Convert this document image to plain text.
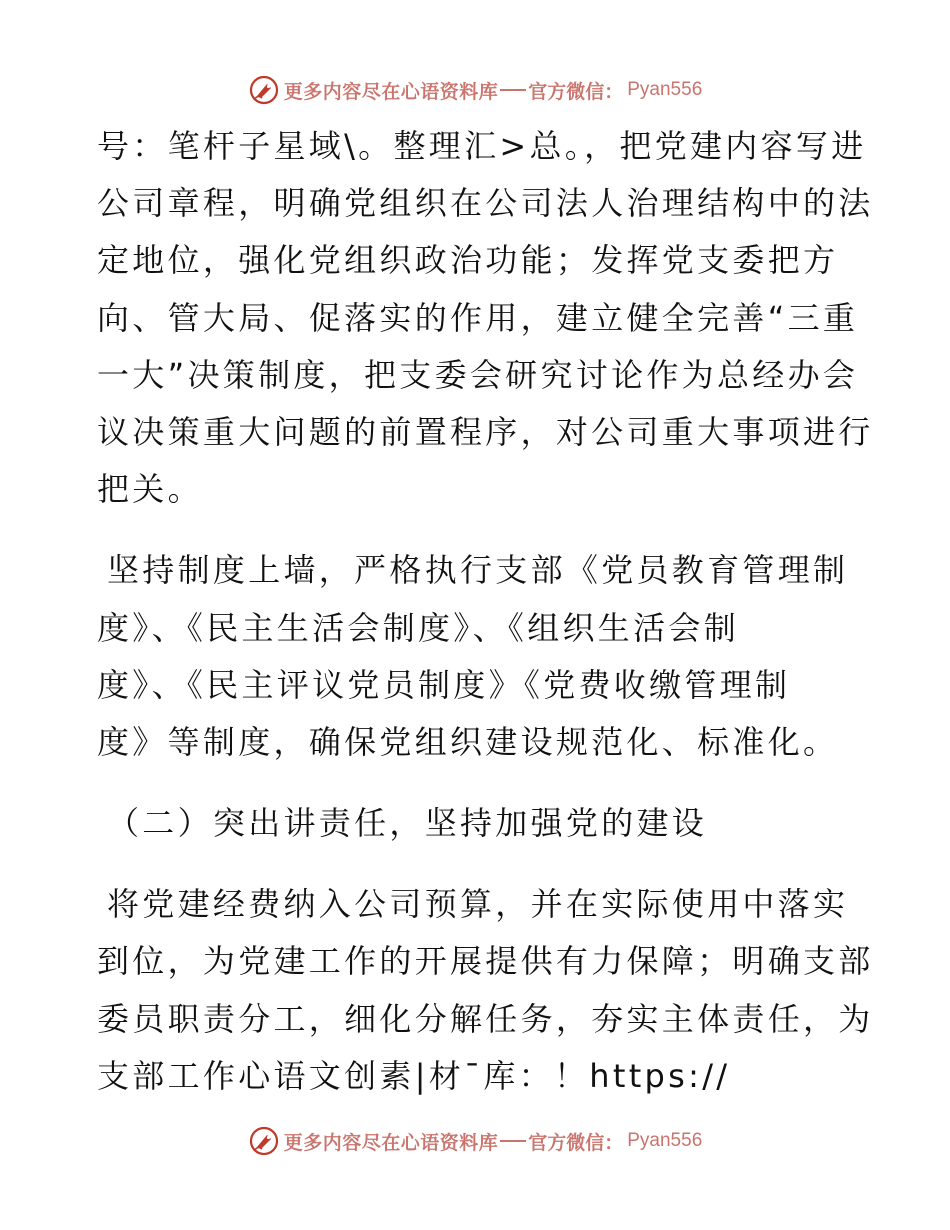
更多内容尽在心语资料库 官方微信： Pyan556
号：笔杆子星域\。整理汇>总。，把党建内容写进
公司章程，明确党组织在公司法人治理结构中的法
定地位，强化党组织政治功能；发挥党支委把方
向、管大局、促落实的作用，建立健全完善“三重
一大”决策制度，把支委会研究讨论作为总经办会
议决策重大问题的前置程序，对公司重大事项进行
把关。
坚持制度上墙，严格执行支部《党员教育管理制
度》、《民主生活会制度》、《组织生活会制
度》、《民主评议党员制度》《党费收缴管理制
度》等制度，确保党组织建设规范化、标准化。
（二）突出讲责任，坚持加强党的建设
将党建经费纳入公司预算，并在实际使用中落实
到位，为党建工作的开展提供有力保障；明确支部
委员职责分工，细化分解任务，夯实主体责任，为
支部工作心语文创素|材¯库：！https://
更多内容尽在心语资料库 官方微信： Pyan556
